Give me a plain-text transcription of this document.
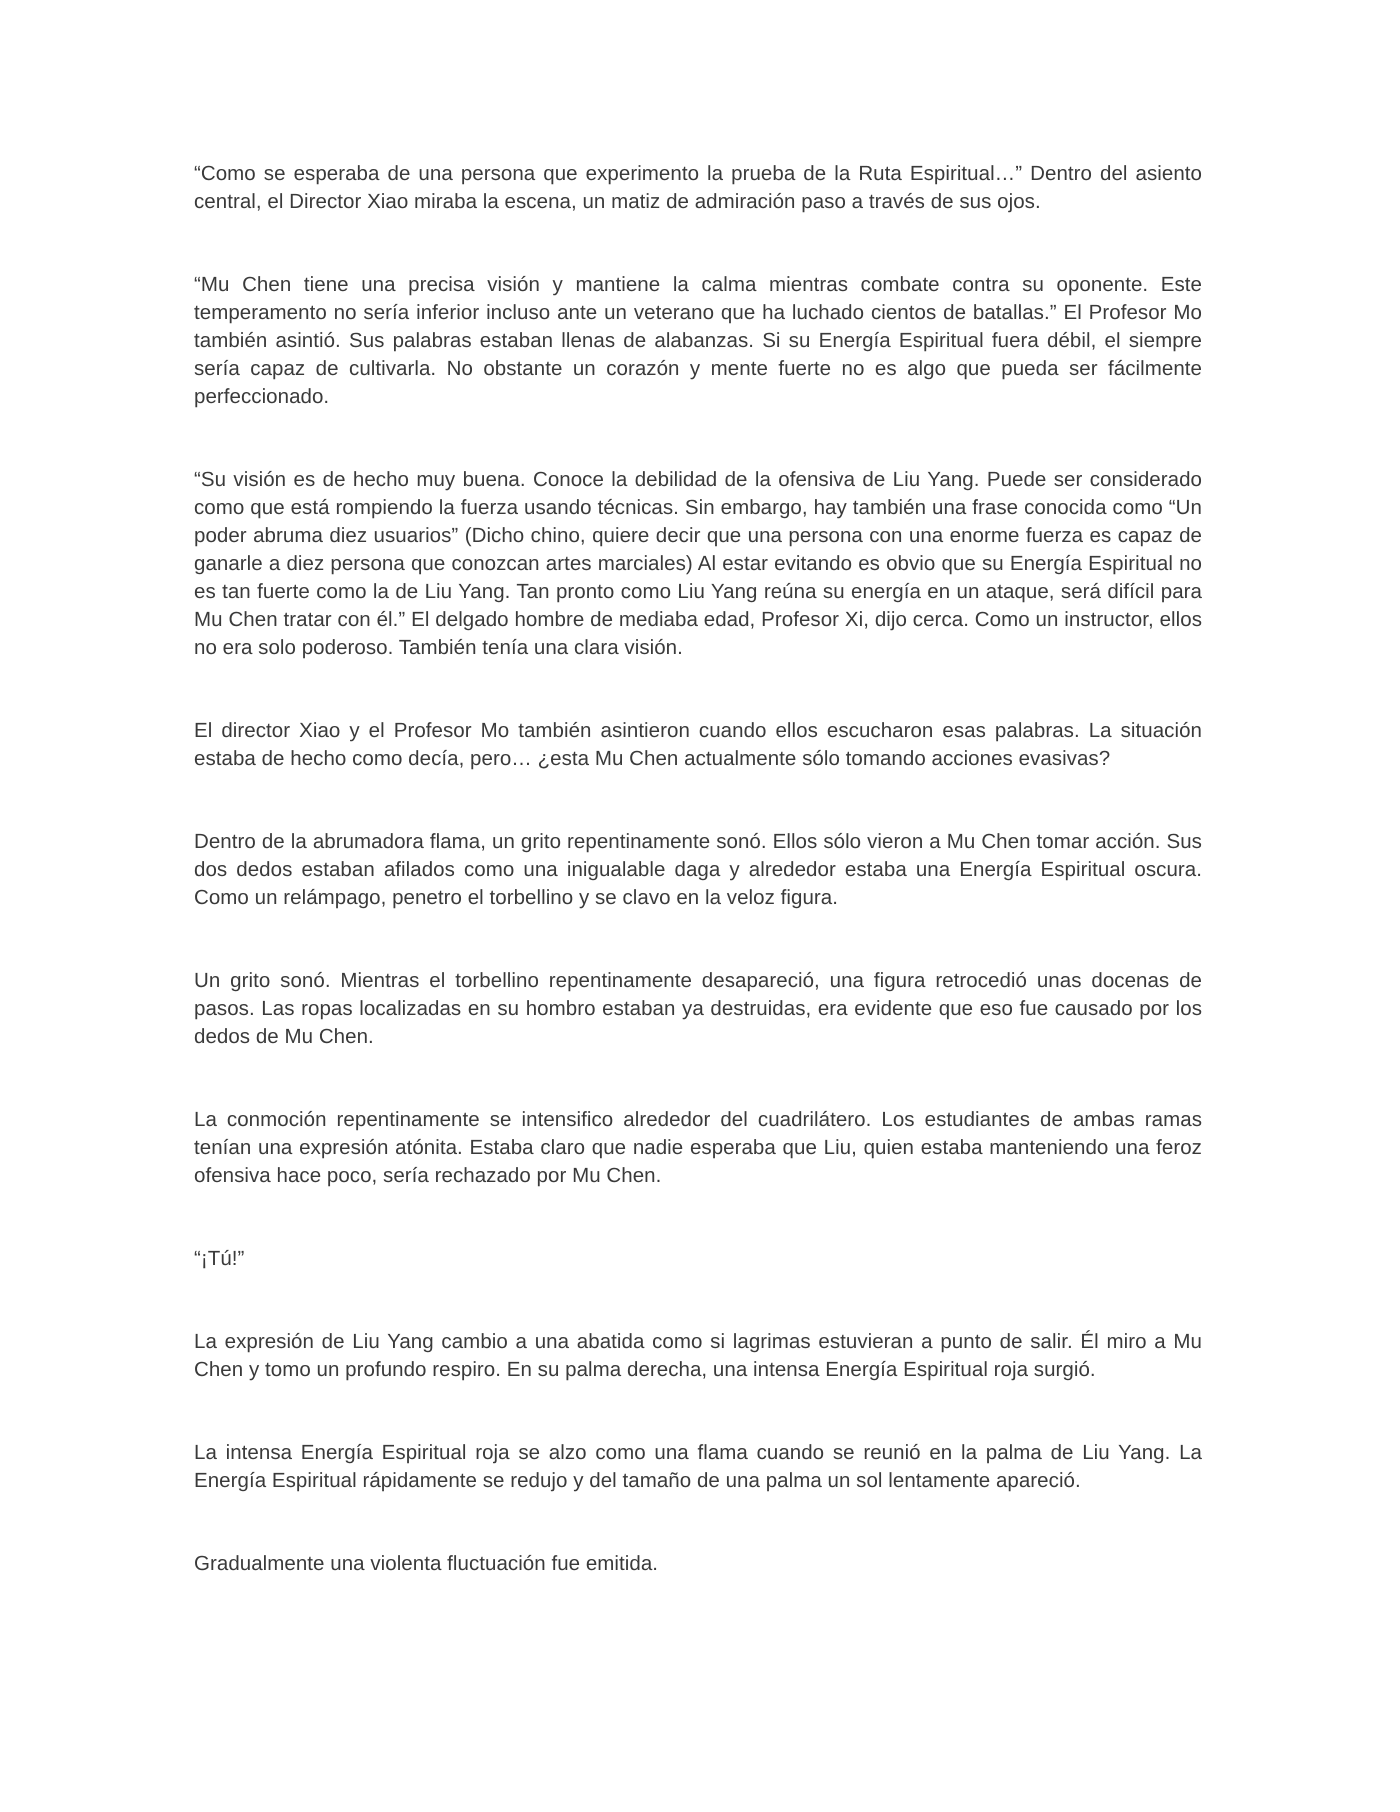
“Como se esperaba de una persona que experimento la prueba de la Ruta Espiritual…” Dentro del asiento central, el Director Xiao miraba la escena, un matiz de admiración paso a través de sus ojos.

“Mu Chen tiene una precisa visión y mantiene la calma mientras combate contra su oponente. Este temperamento no sería inferior incluso ante un veterano que ha luchado cientos de batallas.” El Profesor Mo también asintió. Sus palabras estaban llenas de alabanzas. Si su Energía Espiritual fuera débil, el siempre sería capaz de cultivarla. No obstante un corazón y mente fuerte no es algo que pueda ser fácilmente perfeccionado.

“Su visión es de hecho muy buena. Conoce la debilidad de la ofensiva de Liu Yang. Puede ser considerado como que está rompiendo la fuerza usando técnicas. Sin embargo, hay también una frase conocida como “Un poder abruma diez usuarios” (Dicho chino, quiere decir que una persona con una enorme fuerza es capaz de ganarle a diez persona que conozcan artes marciales) Al estar evitando es obvio que su Energía Espiritual no es tan fuerte como la de Liu Yang. Tan pronto como Liu Yang reúna su energía en un ataque, será difícil para Mu Chen tratar con él.” El delgado hombre de mediaba edad, Profesor Xi, dijo cerca. Como un instructor, ellos no era solo poderoso. También tenía una clara visión.

El director Xiao y el Profesor Mo también asintieron cuando ellos escucharon esas palabras. La situación estaba de hecho como decía, pero… ¿esta Mu Chen actualmente sólo tomando acciones evasivas?

Dentro de la abrumadora flama, un grito repentinamente sonó. Ellos sólo vieron a Mu Chen tomar acción. Sus dos dedos estaban afilados como una inigualable daga y alrededor estaba una Energía Espiritual oscura. Como un relámpago, penetro el torbellino y se clavo en la veloz figura.

Un grito sonó. Mientras el torbellino repentinamente desapareció, una figura retrocedió unas docenas de pasos. Las ropas localizadas en su hombro estaban ya destruidas, era evidente que eso fue causado por los dedos de Mu Chen.

La conmoción repentinamente se intensifico alrededor del cuadrilátero. Los estudiantes de ambas ramas tenían una expresión atónita. Estaba claro que nadie esperaba que Liu, quien estaba manteniendo una feroz ofensiva hace poco, sería rechazado por Mu Chen.

“¡Tú!”

La expresión de Liu Yang cambio a una abatida como si lagrimas estuvieran a punto de salir. Él miro a Mu Chen y tomo un profundo respiro. En su palma derecha, una intensa Energía Espiritual roja surgió.

La intensa Energía Espiritual roja se alzo como una flama cuando se reunió en la palma de Liu Yang. La Energía Espiritual rápidamente se redujo y del tamaño de una palma un sol lentamente apareció.

Gradualmente una violenta fluctuación fue emitida.
